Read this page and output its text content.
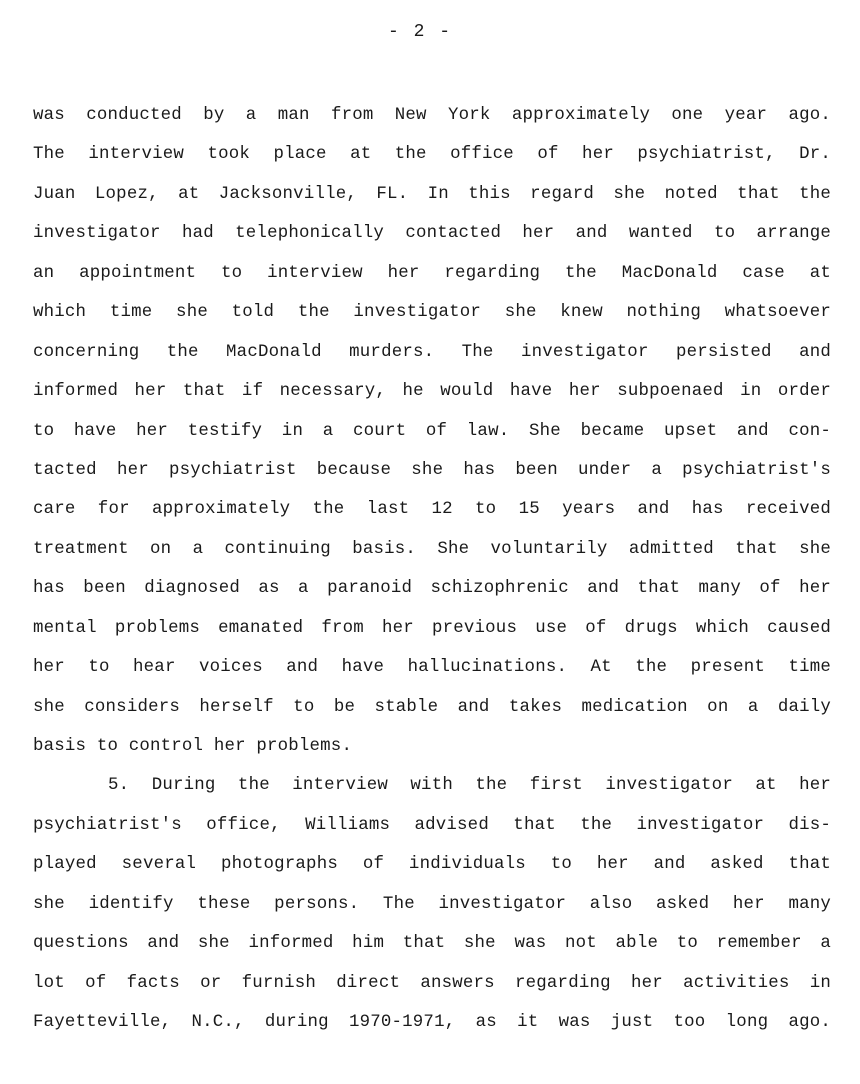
- 2 -
was conducted by a man from New York approximately one year ago.
The interview took place at the office of her psychiatrist, Dr.
Juan Lopez, at Jacksonville, FL. In this regard she noted that the
investigator had telephonically contacted her and wanted to arrange
an appointment to interview her regarding the MacDonald case at
which time she told the investigator she knew nothing whatsoever
concerning the MacDonald murders. The investigator persisted and
informed her that if necessary, he would have her subpoenaed in order
to have her testify in a court of law. She became upset and con-
tacted her psychiatrist because she has been under a psychiatrist's
care for approximately the last 12 to 15 years and has received
treatment on a continuing basis. She voluntarily admitted that she
has been diagnosed as a paranoid schizophrenic and that many of her
mental problems emanated from her previous use of drugs which caused
her to hear voices and have hallucinations. At the present time
she considers herself to be stable and takes medication on a daily
basis to control her problems.
5. During the interview with the first investigator at her
psychiatrist's office, Williams advised that the investigator dis-
played several photographs of individuals to her and asked that
she identify these persons. The investigator also asked her many
questions and she informed him that she was not able to remember a
lot of facts or furnish direct answers regarding her activities in
Fayetteville, N.C., during 1970-1971, as it was just too long ago.
